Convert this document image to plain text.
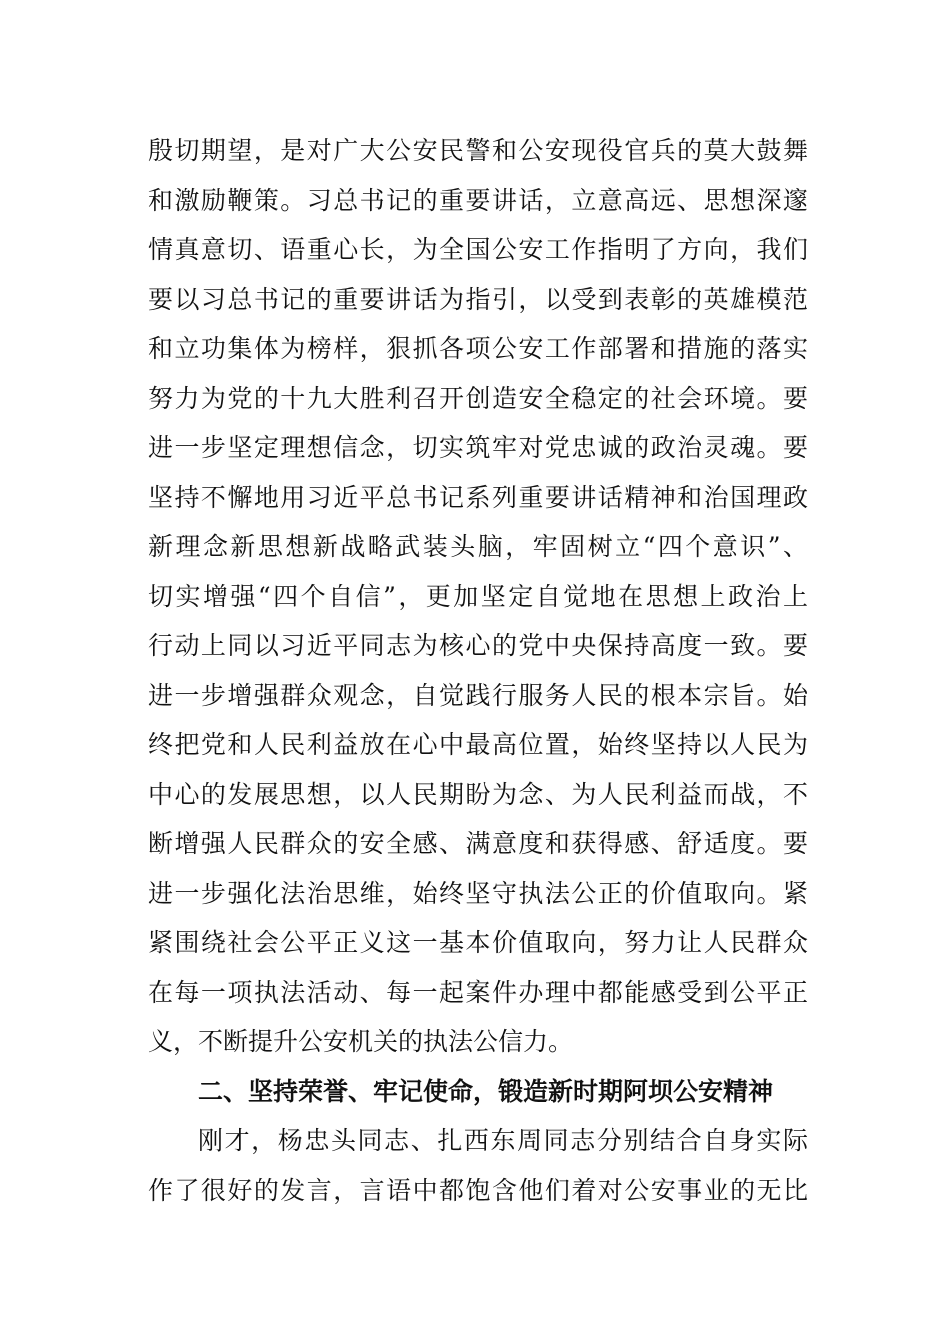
殷切期望，是对广大公安民警和公安现役官兵的莫大鼓舞
和激励鞭策。习总书记的重要讲话，立意高远、思想深邃
情真意切、语重心长，为全国公安工作指明了方向，我们
要以习总书记的重要讲话为指引，以受到表彰的英雄模范
和立功集体为榜样，狠抓各项公安工作部署和措施的落实
努力为党的十九大胜利召开创造安全稳定的社会环境。要
进一步坚定理想信念，切实筑牢对党忠诚的政治灵魂。要
坚持不懈地用习近平总书记系列重要讲话精神和治国理政
新理念新思想新战略武装头脑，牢固树立“四个意识”、
切实增强“四个自信”，更加坚定自觉地在思想上政治上
行动上同以习近平同志为核心的党中央保持高度一致。要
进一步增强群众观念，自觉践行服务人民的根本宗旨。始
终把党和人民利益放在心中最高位置，始终坚持以人民为
中心的发展思想，以人民期盼为念、为人民利益而战，不
断增强人民群众的安全感、满意度和获得感、舒适度。要
进一步强化法治思维，始终坚守执法公正的价值取向。紧
紧围绕社会公平正义这一基本价值取向，努力让人民群众
在每一项执法活动、每一起案件办理中都能感受到公平正
义，不断提升公安机关的执法公信力。
二、坚持荣誉、牢记使命，锻造新时期阿坝公安精神
刚才，杨忠头同志、扎西东周同志分别结合自身实际
作了很好的发言，言语中都饱含他们着对公安事业的无比
